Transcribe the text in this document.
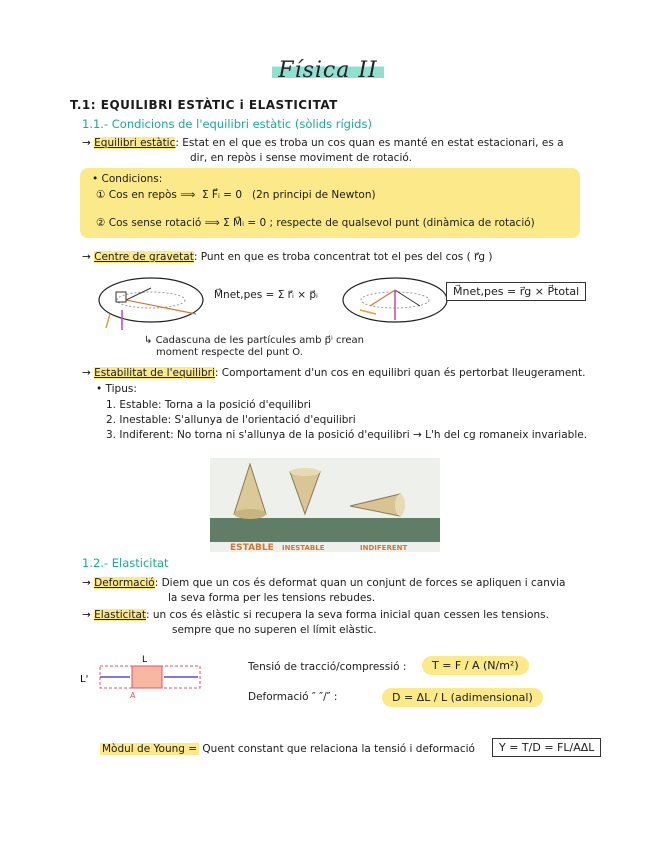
Física II
T.1: EQUILIBRI ESTÀTIC i ELASTICITAT
1.1.- Condicions de l'equilibri estàtic (sòlids rígids)
→ Equilibri estàtic: Estat en el que es troba un cos quan es manté en estat estacionari, es a
dir, en repòs i sense moviment de rotació.
• Condicions:
① Cos en repòs ⟹ Σ F⃗ᵢ = 0 (2n principi de Newton)
② Cos sense rotació ⟹ Σ M⃗ᵢ = 0 ; respecte de qualsevol punt (dinàmica de rotació)
→ Centre de gravetat: Punt en que es troba concentrat tot el pes del cos ( r⃗g )
M⃗net,pes = Σ r⃗ᵢ × p⃗ᵢ	M⃗net,pes = r⃗g × P⃗total
↳ Cadascuna de les partícules amb p⃗ⁱ crean
moment respecte del punt O.
→ Estabilitat de l'equilibri: Comportament d'un cos en equilibri quan és pertorbat lleugerament.
• Tipus:
1. Estable: Torna a la posició d'equilibri
2. Inestable: S'allunya de l'orientació d'equilibri
3. Indiferent: No torna ni s'allunya de la posició d'equilibri → L'h del cg romaneix invariable.
ESTABLE INESTABLE	INDIFERENT
1.2.- Elasticitat
→ Deformació: Diem que un cos és deformat quan un conjunt de forces se apliquen i canvia
la seva forma per les tensions rebudes.
→ Elasticitat: un cos és elàstic si recupera la seva forma inicial quan cessen les tensions.
sempre que no superen el límit elàstic.
L'
L
A
Tensió de tracció/compressió :	T = F / A (N/m²)
Deformació ″ ″/″ :	D = ΔL / L (adimensional)
Mòdul de Young = Quent constant que relaciona la tensió i deformació	Y = T/D = FL/AΔL
